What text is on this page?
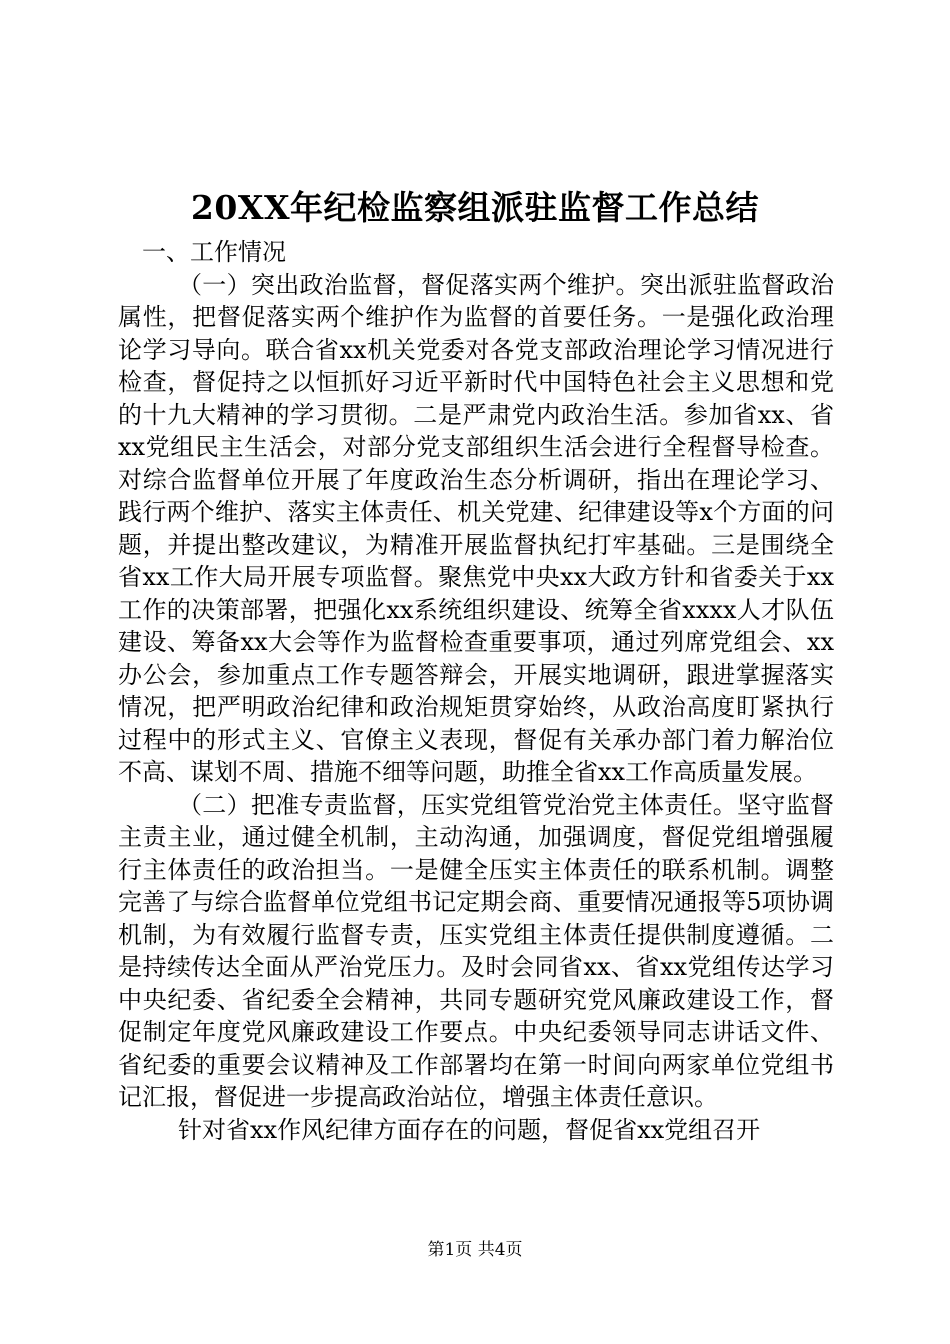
20XX年纪检监察组派驻监督工作总结

一、工作情况

（一）突出政治监督，督促落实两个维护。突出派驻监督政治属性，把督促落实两个维护作为监督的首要任务。一是强化政治理论学习导向。联合省xx机关党委对各党支部政治理论学习情况进行检查，督促持之以恒抓好习近平新时代中国特色社会主义思想和党的十九大精神的学习贯彻。二是严肃党内政治生活。参加省xx、省xx党组民主生活会，对部分党支部组织生活会进行全程督导检查。对综合监督单位开展了年度政治生态分析调研，指出在理论学习、践行两个维护、落实主体责任、机关党建、纪律建设等x个方面的问题，并提出整改建议，为精准开展监督执纪打牢基础。三是围绕全省xx工作大局开展专项监督。聚焦党中央xx大政方针和省委关于xx工作的决策部署，把强化xx系统组织建设、统筹全省xxxx人才队伍建设、筹备xx大会等作为监督检查重要事项，通过列席党组会、xx办公会，参加重点工作专题答辩会，开展实地调研，跟进掌握落实情况，把严明政治纪律和政治规矩贯穿始终，从政治高度盯紧执行过程中的形式主义、官僚主义表现，督促有关承办部门着力解治位不高、谋划不周、措施不细等问题，助推全省xx工作高质量发展。

（二）把准专责监督，压实党组管党治党主体责任。坚守监督主责主业，通过健全机制，主动沟通，加强调度，督促党组增强履行主体责任的政治担当。一是健全压实主体责任的联系机制。调整完善了与综合监督单位党组书记定期会商、重要情况通报等5项协调机制，为有效履行监督专责，压实党组主体责任提供制度遵循。二是持续传达全面从严治党压力。及时会同省xx、省xx党组传达学习中央纪委、省纪委全会精神，共同专题研究党风廉政建设工作，督促制定年度党风廉政建设工作要点。中央纪委领导同志讲话文件、省纪委的重要会议精神及工作部署均在第一时间向两家单位党组书记汇报，督促进一步提高政治站位，增强主体责任意识。

针对省xx作风纪律方面存在的问题，督促省xx党组召开

第1页 共4页
